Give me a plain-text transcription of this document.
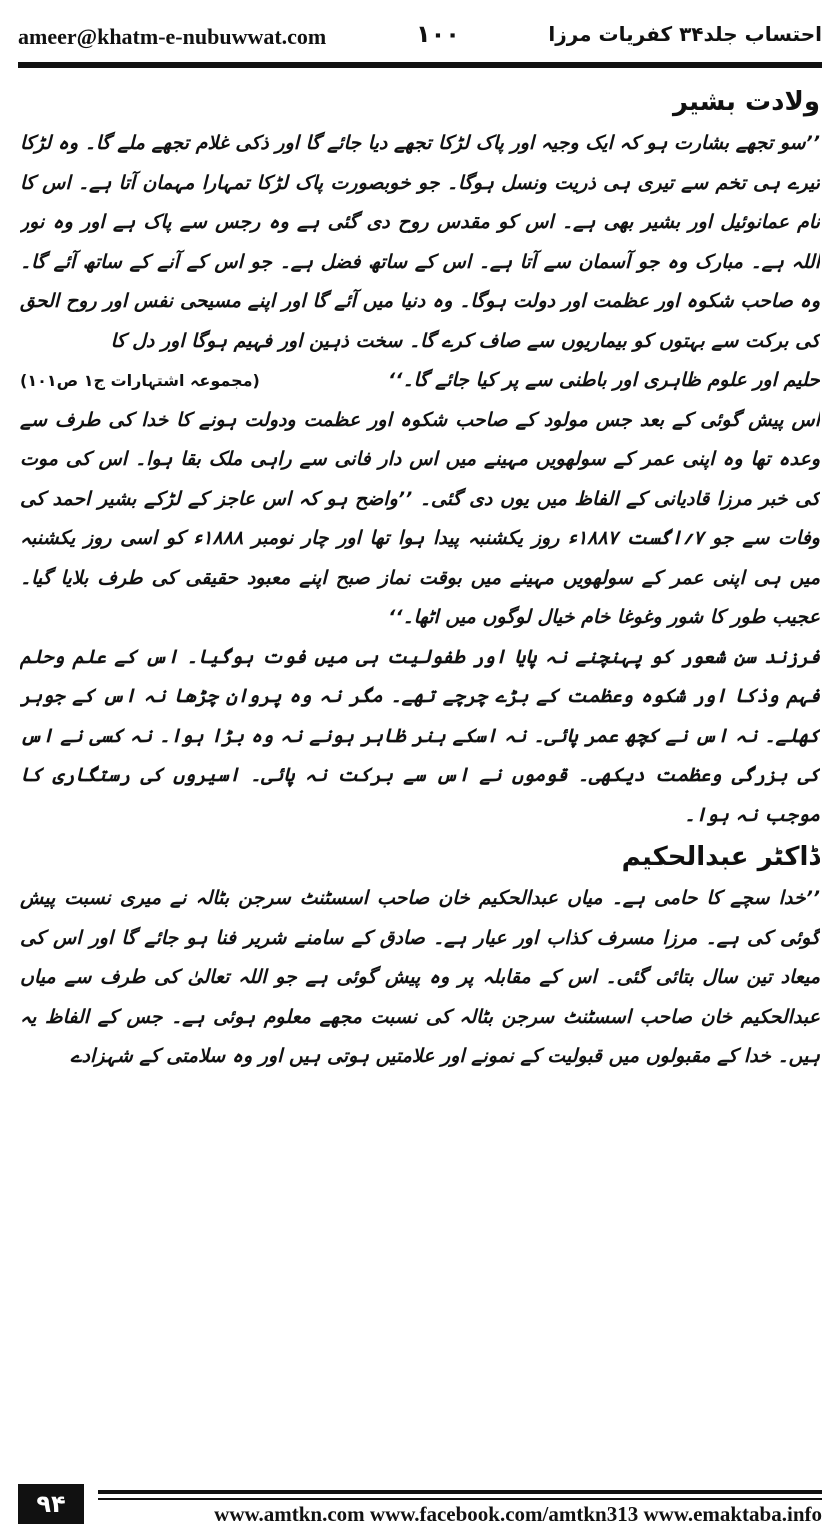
ameer@khatm-e-nubuwwat.com	۱۰۰	احتساب جلد۳۴ کفریات مرزا

ولادت بشیر

’’سو تجھے بشارت ہو کہ ایک وجیہ اور پاک لڑکا تجھے دیا جائے گا اور ذکی غلام تجھے ملے گا۔ وہ لڑکا تیرے ہی تخم سے تیری ہی ذریت ونسل ہوگا۔ جو خوبصورت پاک لڑکا تمہارا مہمان آتا ہے۔ اس کا نام عمانوئیل اور بشیر بھی ہے۔ اس کو مقدس روح دی گئی ہے وہ رجس سے پاک ہے اور وہ نور اللہ ہے۔ مبارک وہ جو آسمان سے آتا ہے۔ اس کے ساتھ فضل ہے۔ جو اس کے آنے کے ساتھ آئے گا۔ وہ صاحب شکوہ اور عظمت اور دولت ہوگا۔ وہ دنیا میں آئے گا اور اپنے مسیحی نفس اور روح الحق کی برکت سے بہتوں کو بیماریوں سے صاف کرے گا۔ سخت ذہین اور فہیم ہوگا اور دل کا

حلیم اور علوم ظاہری اور باطنی سے پر کیا جائے گا۔‘‘
(مجموعہ اشتہارات ج۱ ص۱۰۱)

اس پیش گوئی کے بعد جس مولود کے صاحب شکوہ اور عظمت ودولت ہونے کا خدا کی طرف سے وعدہ تھا وہ اپنی عمر کے سولھویں مہینے میں اس دار فانی سے راہی ملک بقا ہوا۔ اس کی موت کی خبر مرزا قادیانی کے الفاظ میں یوں دی گئی۔ ’’واضح ہو کہ اس عاجز کے لڑکے بشیر احمد کی وفات سے جو ۷؍اگست ۱۸۸۷ء روز یکشنبہ پیدا ہوا تھا اور چار نومبر ۱۸۸۸ء کو اسی روز یکشنبہ میں ہی اپنی عمر کے سولھویں مہینے میں بوقت نماز صبح اپنے معبود حقیقی کی طرف بلایا گیا۔ عجیب طور کا شور وغوغا خام خیال لوگوں میں اٹھا۔‘‘

فرزند سن شعور کو پہنچنے نہ پایا اور طفولیت ہی میں فوت ہوگیا۔ اس کے علم وحلم فہم وذکا اور شکوہ وعظمت کے بڑے چرچے تھے۔ مگر نہ وہ پروان چڑھا نہ اس کے جوہر کھلے۔ نہ اس نے کچھ عمر پائی۔ نہ اسکے ہنر ظاہر ہونے نہ وہ بڑا ہوا۔ نہ کسی نے اس کی بزرگی وعظمت دیکھی۔ قوموں نے اس سے برکت نہ پائی۔ اسیروں کی رستگاری کا موجب نہ ہوا۔

ڈاکٹر عبدالحکیم

’’خدا سچے کا حامی ہے۔ میاں عبدالحکیم خان صاحب اسسٹنٹ سرجن بٹالہ نے میری نسبت پیش گوئی کی ہے۔ مرزا مسرف کذاب اور عیار ہے۔ صادق کے سامنے شریر فنا ہو جائے گا اور اس کی میعاد تین سال بتائی گئی۔ اس کے مقابلہ پر وہ پیش گوئی ہے جو اللہ تعالیٰ کی طرف سے میاں عبدالحکیم خان صاحب اسسٹنٹ سرجن بٹالہ کی نسبت مجھے معلوم ہوئی ہے۔ جس کے الفاظ یہ ہیں۔ خدا کے مقبولوں میں قبولیت کے نمونے اور علامتیں ہوتی ہیں اور وہ سلامتی کے شہزادے

۹۴	www.amtkn.com www.facebook.com/amtkn313 www.emaktaba.info
